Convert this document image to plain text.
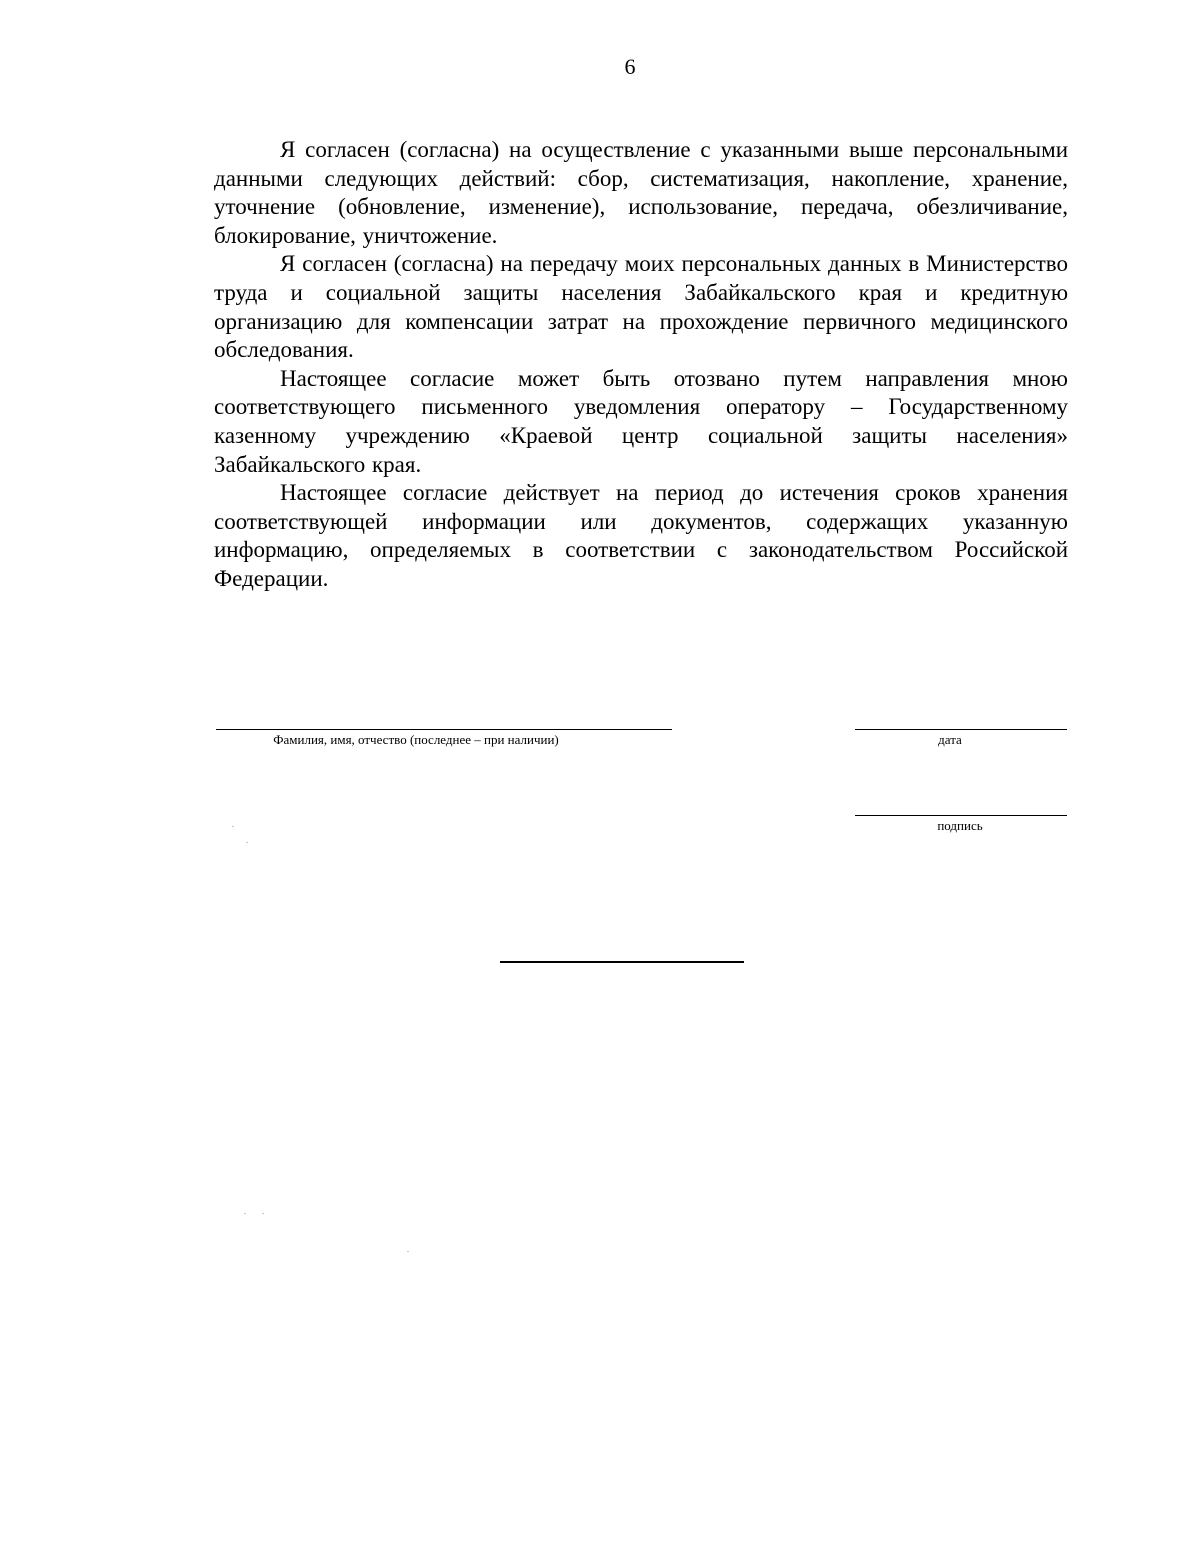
6

Я согласен (согласна) на осуществление с указанными выше персональными данными следующих действий: сбор, систематизация, накопление, хранение, уточнение (обновление, изменение), использование, передача, обезличивание, блокирование, уничтожение.

Я согласен (согласна) на передачу моих персональных данных в Министерство труда и социальной защиты населения Забайкальского края и кредитную организацию для компенсации затрат на прохождение первичного медицинского обследования.

Настоящее согласие может быть отозвано путем направления мною соответствующего письменного уведомления оператору – Государственному казенному учреждению «Краевой центр социальной защиты населения» Забайкальского края.

Настоящее согласие действует на период до истечения сроков хранения соответствующей информации или документов, содержащих указанную информацию, определяемых в соответствии с законодательством Российской Федерации.

Фамилия, имя, отчество (последнее – при наличии)	дата
подпись
